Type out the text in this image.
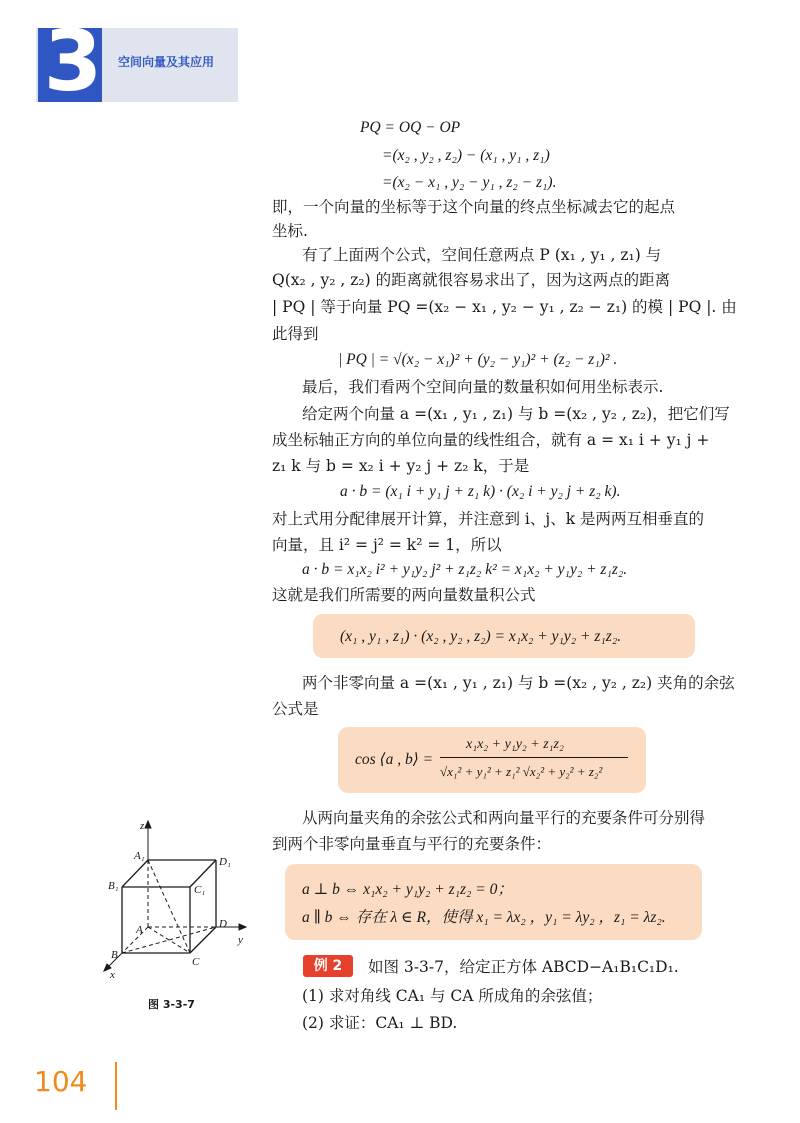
3	空间向量及其应用
PQ = OQ − OP
=(x₂ , y₂ , z₂) − (x₁ , y₁ , z₁)
=(x₂ − x₁ , y₂ − y₁ , z₂ − z₁).
即，一个向量的坐标等于这个向量的终点坐标减去它的起点
坐标.
有了上面两个公式，空间任意两点 P (x₁ , y₁ , z₁) 与
Q(x₂ , y₂ , z₂) 的距离就很容易求出了，因为这两点的距离
| PQ | 等于向量 PQ =(x₂ − x₁ , y₂ − y₁ , z₂ − z₁) 的模 | PQ |. 由
此得到
| PQ | = √(x₂ − x₁)² + (y₂ − y₁)² + (z₂ − z₁)² .
最后，我们看两个空间向量的数量积如何用坐标表示.
给定两个向量 a =(x₁ , y₁ , z₁) 与 b =(x₂ , y₂ , z₂)，把它们写
成坐标轴正方向的单位向量的线性组合，就有 a = x₁ i + y₁ j +
z₁ k 与 b = x₂ i + y₂ j + z₂ k，于是
a · b = (x₁ i + y₁ j + z₁ k) · (x₂ i + y₂ j + z₂ k).
对上式用分配律展开计算，并注意到 i、j、k 是两两互相垂直的
向量，且 i² = j² = k² = 1，所以
a · b = x₁x₂ i² + y₁y₂ j² + z₁z₂ k² = x₁x₂ + y₁y₂ + z₁z₂.
这就是我们所需要的两向量数量积公式
(x₁ , y₁ , z₁) · (x₂ , y₂ , z₂) = x₁x₂ + y₁y₂ + z₁z₂.
两个非零向量 a =(x₁ , y₁ , z₁) 与 b =(x₂ , y₂ , z₂) 夹角的余弦
公式是
cos ⟨a , b⟩ =
x₁x₂ + y₁y₂ + z₁z₂
√x₁² + y₁² + z₁² √x₂² + y₂² + z₂²
从两向量夹角的余弦公式和两向量平行的充要条件可分别得
到两个非零向量垂直与平行的充要条件：
a ⊥ b ⇔ x₁x₂ + y₁y₂ + z₁z₂ = 0；
a ∥ b ⇔ 存在 λ ∈ R，使得 x₁ = λx₂ ，y₁ = λy₂ ，z₁ = λz₂.
例 2	如图 3-3-7，给定正方体 ABCD−A₁B₁C₁D₁.
(1) 求对角线 CA₁ 与 CA 所成角的余弦值；
(2) 求证：CA₁ ⊥ BD.
z
y
x
A₁	D₁
B₁	C₁
A	D
B
C
图 3-3-7
104
